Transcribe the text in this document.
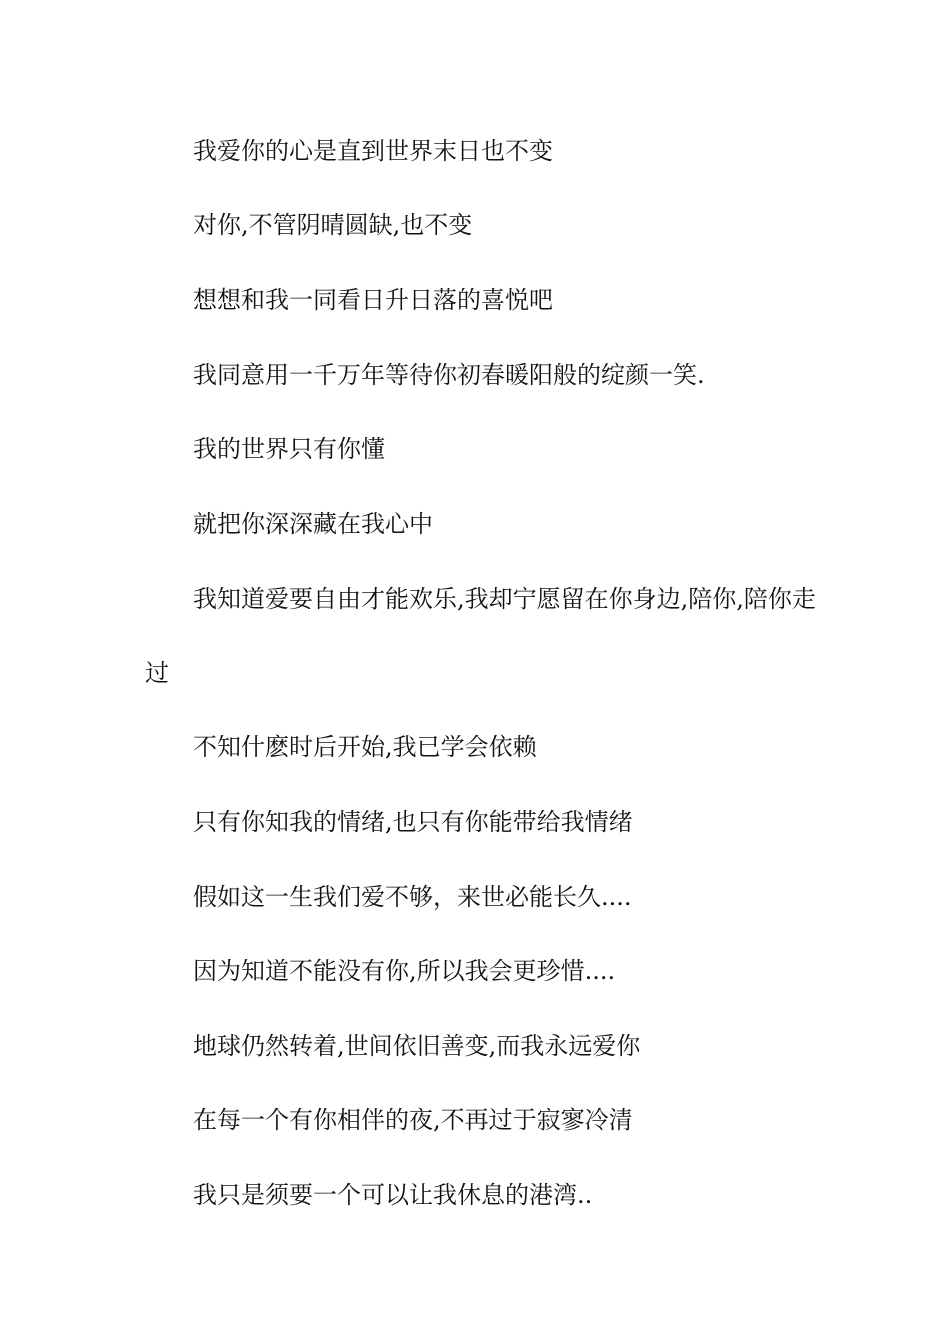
我爱你的心是直到世界末日也不变

对你,不管阴晴圆缺,也不变

想想和我一同看日升日落的喜悦吧

我同意用一千万年等待你初春暖阳般的绽颜一笑.

我的世界只有你懂

就把你深深藏在我心中

我知道爱要自由才能欢乐,我却宁愿留在你身边,陪你,陪你走过

不知什麽时后开始,我已学会依赖

只有你知我的情绪,也只有你能带给我情绪

假如这一生我们爱不够，来世必能长久....

因为知道不能没有你,所以我会更珍惜....

地球仍然转着,世间依旧善变,而我永远爱你

在每一个有你相伴的夜,不再过于寂寥冷清

我只是须要一个可以让我休息的港湾..
